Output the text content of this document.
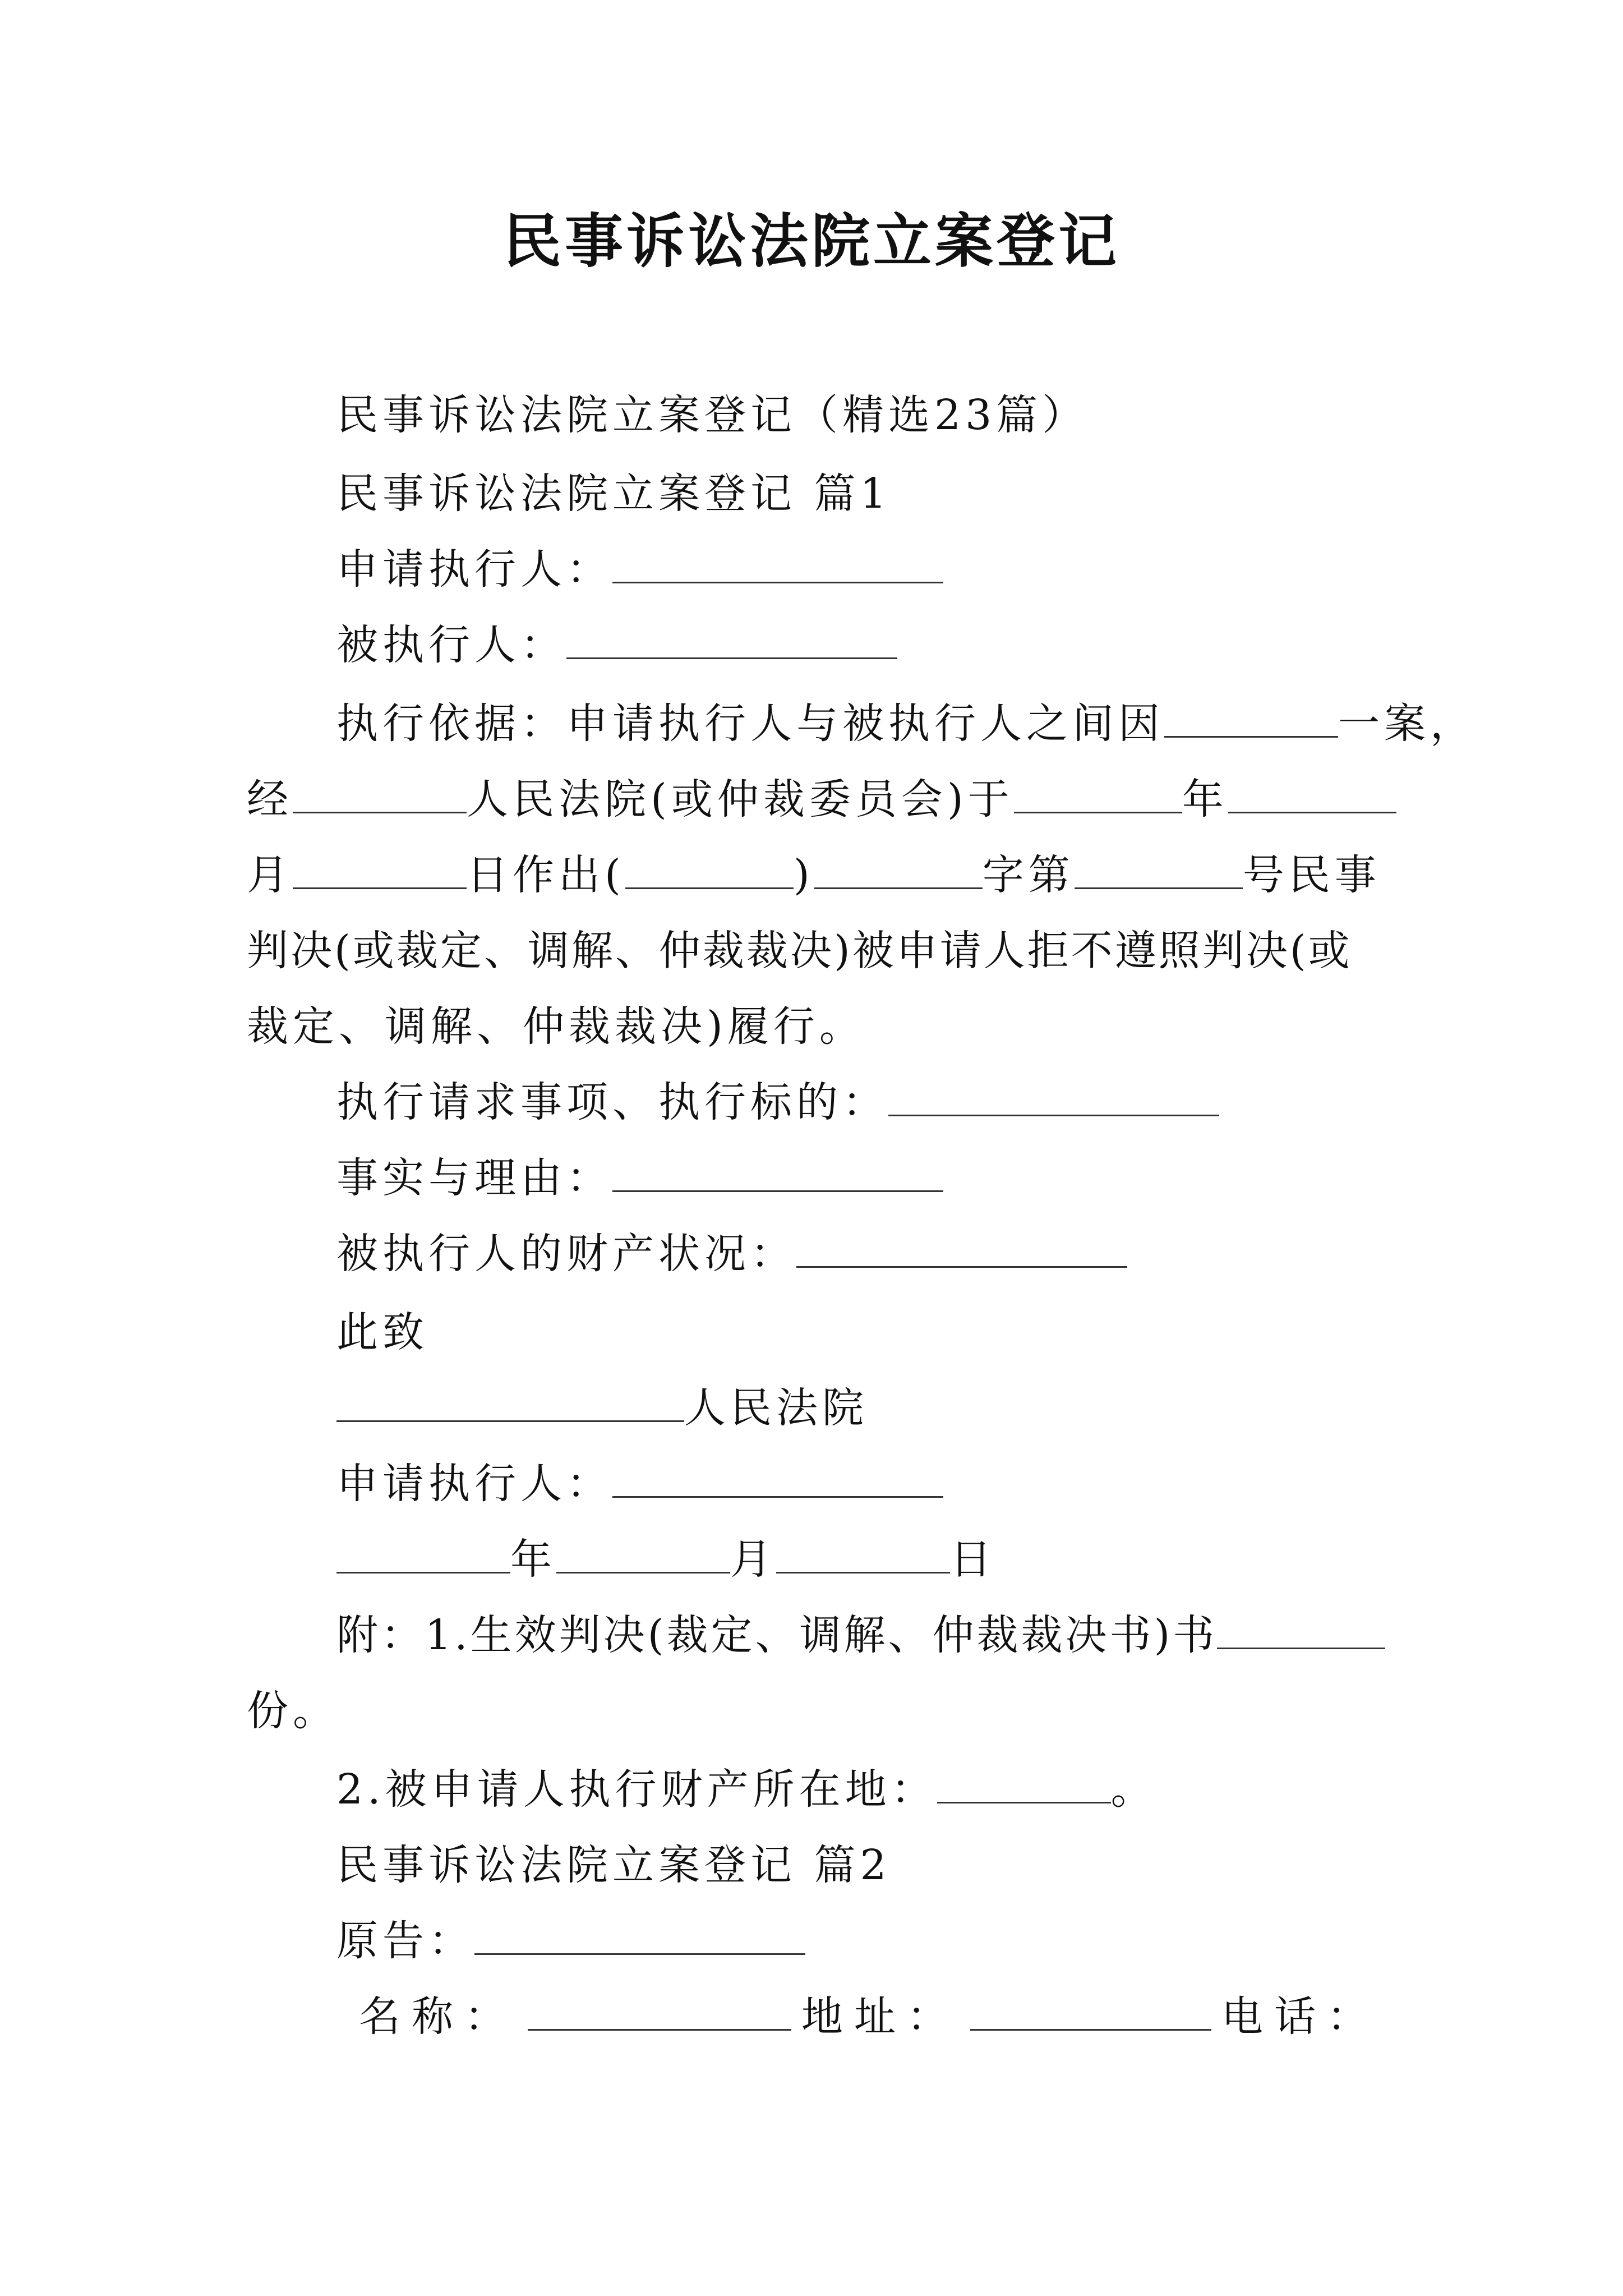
民事诉讼法院立案登记
民事诉讼法院立案登记（精选23篇）
民事诉讼法院立案登记 篇1
申请执行人：
被执行人：
执行依据：申请执行人与被执行人之间因	一案，
经	人民法院(或仲裁委员会)于	年
月	日作出(	)	字第	号民事
判决(或裁定、调解、仲裁裁决)被申请人拒不遵照判决(或
裁定、调解、仲裁裁决)履行。
执行请求事项、执行标的：
事实与理由：
被执行人的财产状况：
此致
人民法院
申请执行人：
年	月	日
附：1.生效判决(裁定、调解、仲裁裁决书)书
份。
2.被申请人执行财产所在地：	。
民事诉讼法院立案登记 篇2
原告：
名称：	地址：	电话：
